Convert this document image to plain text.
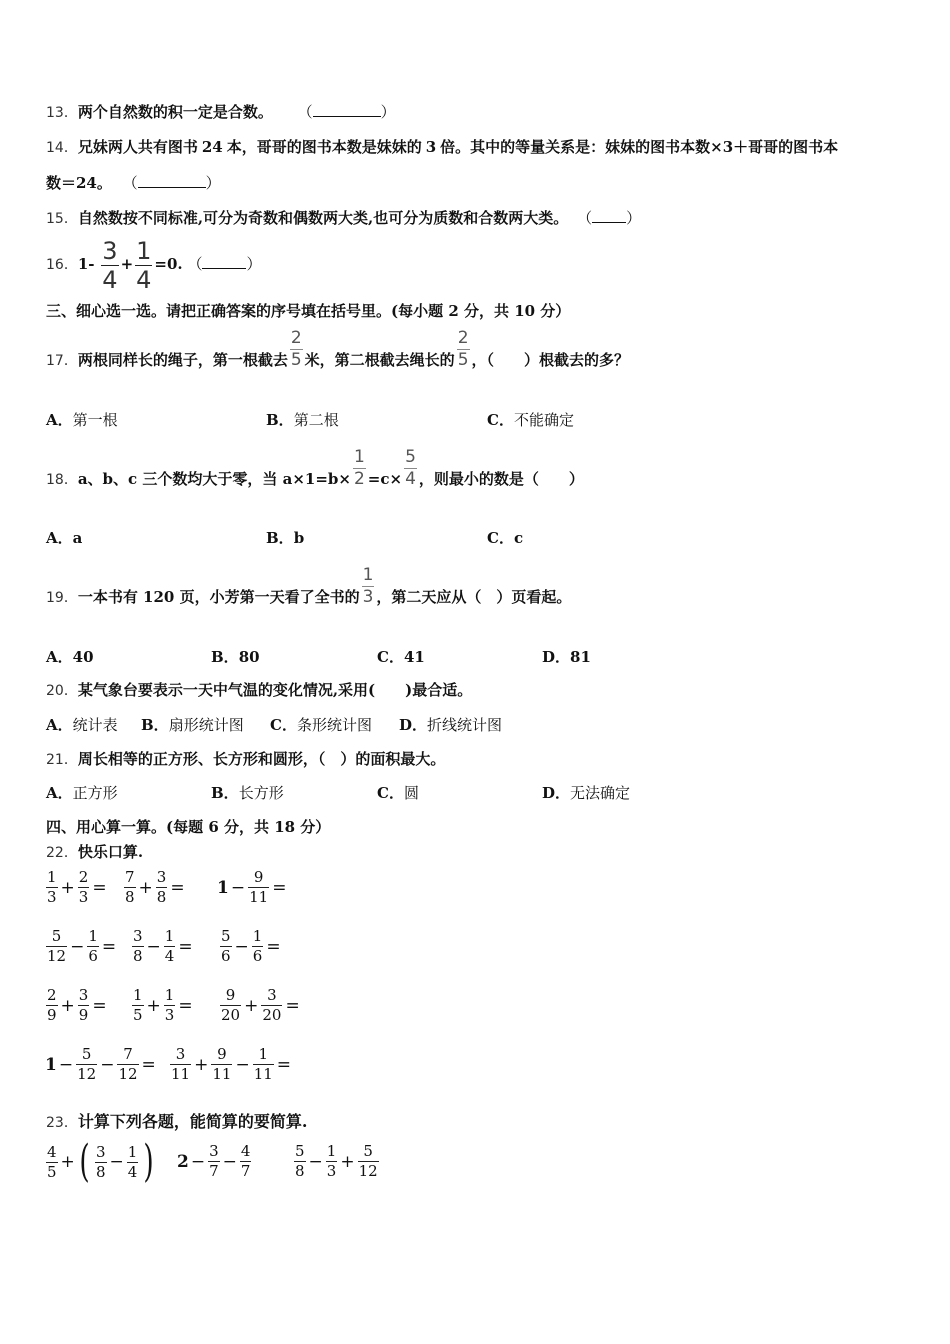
13．两个自然数的积一定是合数。 （	）
14．兄妹两人共有图书 24 本，哥哥的图书本数是妹妹的 3 倍。其中的等量关系是：妹妹的图书本数×3＋哥哥的图书本
数＝24。 （	）
15．自然数按不同标准,可分为奇数和偶数两大类,也可分为质数和合数两大类。 （ ）
16．$1- \frac{3}{4} + \frac{1}{4} =0$. （	）
三、细心选一选。请把正确答案的序号填在括号里。(每小题 2 分，共 10 分）
17．两根同样长的绳子，第一根截去 $\frac{2}{5}$ 米，第二根截去绳长的 $\frac{2}{5}$ ，（　　）根截去的多？
A．第一根	B．第二根	C．不能确定
18．a、b、c 三个数均大于零，当 $a\times 1=b\times \frac{1}{2} =c\times \frac{5}{4}$ ，则最小的数是（　　）
A．a	B．b	C．c
19．一本书有 120 页，小芳第一天看了全书的 $\frac{1}{3}$ ，第二天应从（　）页看起。
A．40	B．80	C．41	D．81
20．某气象台要表示一天中气温的变化情况,采用(　　)最合适。
A．统计表 B．扇形统计图 C．条形统计图 D．折线统计图
21．周长相等的正方形、长方形和圆形，（　）的面积最大。
A．正方形	B．长方形	C．圆	D．无法确定
四、用心算一算。(每题 6 分，共 18 分）
22．快乐口算.
$\frac{1}{3} + \frac{2}{3} = \frac{7}{8} + \frac{3}{8} = 1 - \frac{9}{11}$ =
$\frac{5}{12} - \frac{1}{6} = \frac{3}{8} - \frac{1}{4} = \frac{5}{6} - \frac{1}{6}$ =
$\frac{2}{9} + \frac{3}{9} = \frac{1}{5} + \frac{1}{3} = \frac{9}{20} + \frac{3}{20}$ =
$1 - \frac{5}{12} - \frac{7}{12} = \frac{3}{11} + \frac{9}{11} - \frac{1}{11}$ =
23．计算下列各题，能简算的要简算.
$\frac{4}{5}$ + ( $\frac{3}{8} - \frac{1}{4}$ ) $2 - \frac{3}{7} - \frac{4}{7}$	$\frac{5}{8} - \frac{1}{3} + \frac{5}{12}$
